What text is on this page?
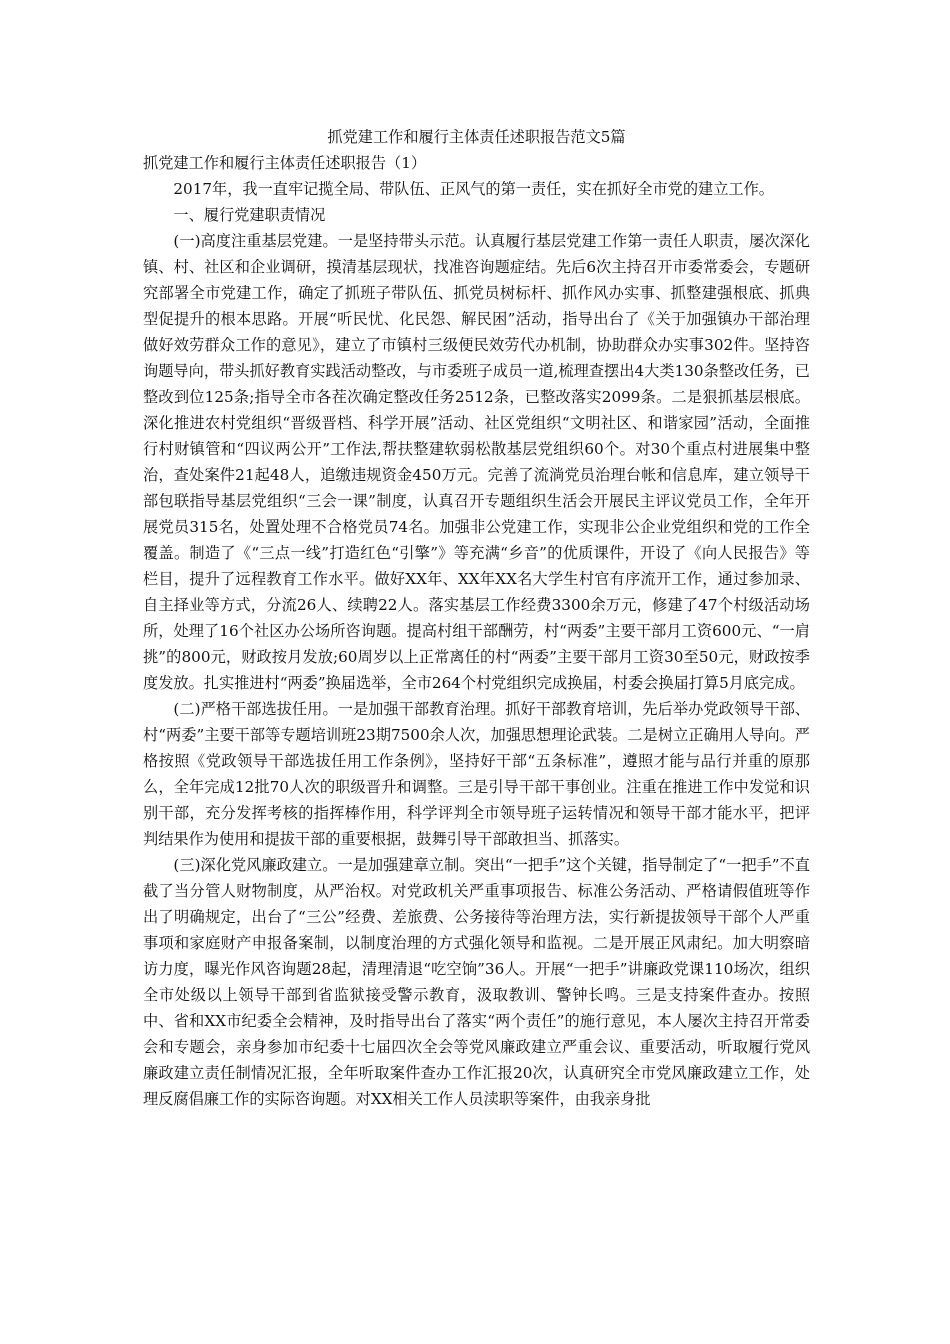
抓党建工作和履行主体责任述职报告范文5篇
抓党建工作和履行主体责任述职报告（1）

2017年，我一直牢记揽全局、带队伍、正风气的第一责任，实在抓好全市党的建立工作。

一、履行党建职责情况

(一)高度注重基层党建。一是坚持带头示范。认真履行基层党建工作第一责任人职责，屡次深化镇、村、社区和企业调研，摸清基层现状，找准咨询题症结。先后6次主持召开市委常委会，专题研究部署全市党建工作，确定了抓班子带队伍、抓党员树标杆、抓作风办实事、抓整建强根底、抓典型促提升的根本思路。开展“听民忧、化民怨、解民困”活动，指导出台了《关于加强镇办干部治理做好效劳群众工作的意见》，建立了市镇村三级便民效劳代办机制，协助群众办实事302件。坚持咨询题导向，带头抓好教育实践活动整改，与市委班子成员一道,梳理查摆出4大类130条整改任务，已整改到位125条;指导全市各茬次确定整改任务2512条，已整改落实2099条。二是狠抓基层根底。深化推进农村党组织“晋级晋档、科学开展”活动、社区党组织“文明社区、和谐家园”活动，全面推行村财镇管和“四议两公开”工作法,帮扶整建软弱松散基层党组织60个。对30个重点村进展集中整治，查处案件21起48人，追缴违规资金450万元。完善了流淌党员治理台帐和信息库，建立领导干部包联指导基层党组织“三会一课”制度，认真召开专题组织生活会开展民主评议党员工作，全年开展党员315名，处置处理不合格党员74名。加强非公党建工作，实现非公企业党组织和党的工作全覆盖。制造了《“三点一线”打造红色“引擎”》等充满“乡音”的优质课件，开设了《向人民报告》等栏目，提升了远程教育工作水平。做好XX年、XX年XX名大学生村官有序流开工作，通过参加录、自主择业等方式，分流26人、续聘22人。落实基层工作经费3300余万元，修建了47个村级活动场所，处理了16个社区办公场所咨询题。提高村组干部酬劳，村“两委”主要干部月工资600元、“一肩挑”的800元，财政按月发放;60周岁以上正常离任的村“两委”主要干部月工资30至50元，财政按季度发放。扎实推进村“两委”换届选举，全市264个村党组织完成换届，村委会换届打算5月底完成。

(二)严格干部选拔任用。一是加强干部教育治理。抓好干部教育培训，先后举办党政领导干部、村“两委”主要干部等专题培训班23期7500余人次，加强思想理论武装。二是树立正确用人导向。严格按照《党政领导干部选拔任用工作条例》，坚持好干部“五条标准”，遵照才能与品行并重的原那么，全年完成12批70人次的职级晋升和调整。三是引导干部干事创业。注重在推进工作中发觉和识别干部，充分发挥考核的指挥棒作用，科学评判全市领导班子运转情况和领导干部才能水平，把评判结果作为使用和提拔干部的重要根据，鼓舞引导干部敢担当、抓落实。

(三)深化党风廉政建立。一是加强建章立制。突出“一把手”这个关键，指导制定了“一把手”不直截了当分管人财物制度，从严治权。对党政机关严重事项报告、标准公务活动、严格请假值班等作出了明确规定，出台了“三公”经费、差旅费、公务接待等治理方法，实行新提拔领导干部个人严重事项和家庭财产申报备案制，以制度治理的方式强化领导和监视。二是开展正风肃纪。加大明察暗访力度，曝光作风咨询题28起，清理清退“吃空饷”36人。开展“一把手”讲廉政党课110场次，组织全市处级以上领导干部到省监狱接受警示教育，汲取教训、警钟长鸣。三是支持案件查办。按照中、省和XX市纪委全会精神，及时指导出台了落实“两个责任”的施行意见，本人屡次主持召开常委会和专题会，亲身参加市纪委十七届四次全会等党风廉政建立严重会议、重要活动，听取履行党风廉政建立责任制情况汇报，全年听取案件查办工作汇报20次，认真研究全市党风廉政建立工作，处理反腐倡廉工作的实际咨询题。对XX相关工作人员渎职等案件，由我亲身批
